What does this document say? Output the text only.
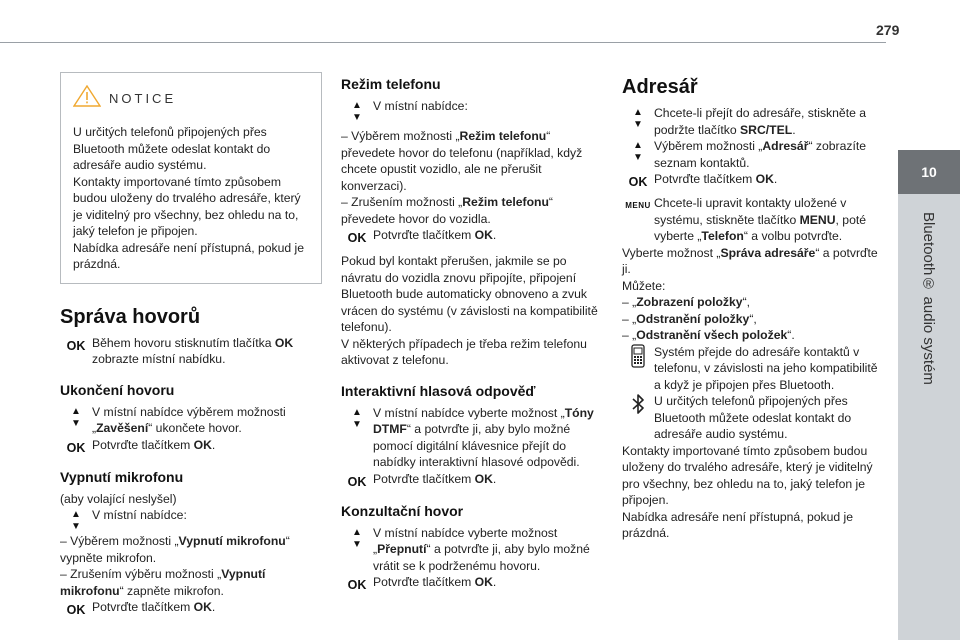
279
10
Bluetooth® audio systém
NOTICE

U určitých telefonů připojených přes Bluetooth můžete odeslat kontakt do adresáře audio systému.

Kontakty importované tímto způsobem budou uloženy do trvalého adresáře, který je viditelný pro všechny, bez ohledu na to, jaký telefon je připojen.

Nabídka adresáře není přístupná, pokud je prázdná.

Správa hovorů
OK Během hovoru stisknutím tlačítka OK zobrazte místní nabídku.

Ukončení hovoru
▲
▼

V místní nabídce výběrem možnosti „Zavěšení“ ukončete hovor.

OK Potvrďte tlačítkem OK.

Vypnutí mikrofonu

(aby volající neslyšel)

▲
▼

V místní nabídce:

– Výběrem možnosti „Vypnutí mikrofonu“ vypněte mikrofon.

– Zrušením výběru možnosti „Vypnutí mikrofonu“ zapněte mikrofon.

OK Potvrďte tlačítkem OK.

Režim telefonu
▲
▼

V místní nabídce:

– Výběrem možnosti „Režim telefonu“ převedete hovor do telefonu (například, když chcete opustit vozidlo, ale ne přerušit konverzaci).

– Zrušením možnosti „Režim telefonu“ převedete hovor do vozidla.

OK Potvrďte tlačítkem OK.

Pokud byl kontakt přerušen, jakmile se po návratu do vozidla znovu připojíte, připojení Bluetooth bude automaticky obnoveno a zvuk vrácen do systému (v závislosti na kompatibilitě telefonu).

V některých případech je třeba režim telefonu aktivovat z telefonu.

Interaktivní hlasová odpověď
▲
▼

V místní nabídce vyberte možnost „Tóny DTMF“ a potvrďte ji, aby bylo možné pomocí digitální klávesnice přejít do nabídky interaktivní hlasové odpovědi.

OK Potvrďte tlačítkem OK.

Konzultační hovor
▲
▼

V místní nabídce vyberte možnost „Přepnutí“ a potvrďte ji, aby bylo možné vrátit se k podrženému hovoru.

OK Potvrďte tlačítkem OK.

Adresář
▲
▼

Chcete-li přejít do adresáře, stiskněte a podržte tlačítko SRC/TEL.

▲
▼

Výběrem možnosti „Adresář“ zobrazíte seznam kontaktů.

OK Potvrďte tlačítkem OK.

MENU Chcete-li upravit kontakty uložené v systému, stiskněte tlačítko MENU, poté vyberte „Telefon“ a volbu potvrďte.

Vyberte možnost „Správa adresáře“ a potvrďte ji.

Můžete:

– „Zobrazení položky“,

– „Odstranění položky“,

– „Odstranění všech položek“.

Systém přejde do adresáře kontaktů v telefonu, v závislosti na jeho kompatibilitě a když je připojen přes Bluetooth.

U určitých telefonů připojených přes Bluetooth můžete odeslat kontakt do adresáře audio systému.

Kontakty importované tímto způsobem budou uloženy do trvalého adresáře, který je viditelný pro všechny, bez ohledu na to, jaký telefon je připojen.

Nabídka adresáře není přístupná, pokud je prázdná.
